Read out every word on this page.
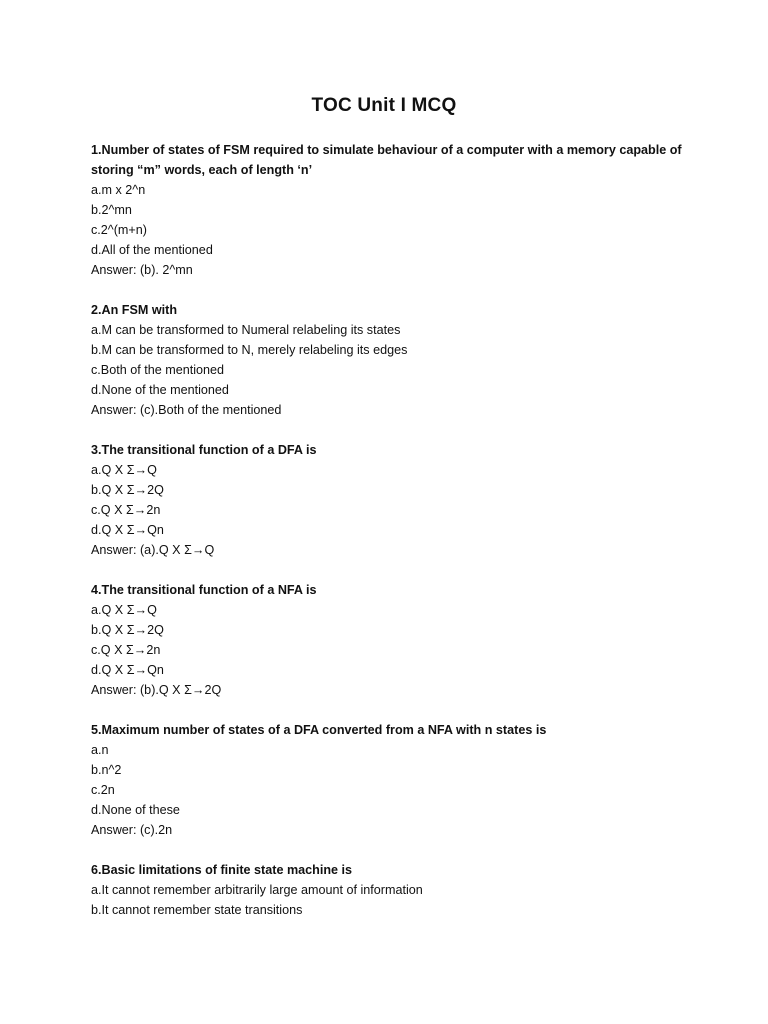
TOC Unit I MCQ
1.Number of states of FSM required to simulate behaviour of a computer with a memory capable of storing “m” words, each of length ‘n’
a.m x 2^n
b.2^mn
c.2^(m+n)
d.All of the mentioned
Answer: (b). 2^mn
2.An FSM with
a.M can be transformed to Numeral relabeling its states
b.M can be transformed to N, merely relabeling its edges
c.Both of the mentioned
d.None of the mentioned
Answer: (c).Both of the mentioned
3.The transitional function of a DFA is
a.Q X Σ→Q
b.Q X Σ→2Q
c.Q X Σ→2n
d.Q X Σ→Qn
Answer: (a).Q X Σ→Q
4.The transitional function of a NFA is
a.Q X Σ→Q
b.Q X Σ→2Q
c.Q X Σ→2n
d.Q X Σ→Qn
Answer: (b).Q X Σ→2Q
5.Maximum number of states of a DFA converted from a NFA with n states is
a.n
b.n^2
c.2n
d.None of these
Answer: (c).2n
6.Basic limitations of finite state machine is
a.It cannot remember arbitrarily large amount of information
b.It cannot remember state transitions
